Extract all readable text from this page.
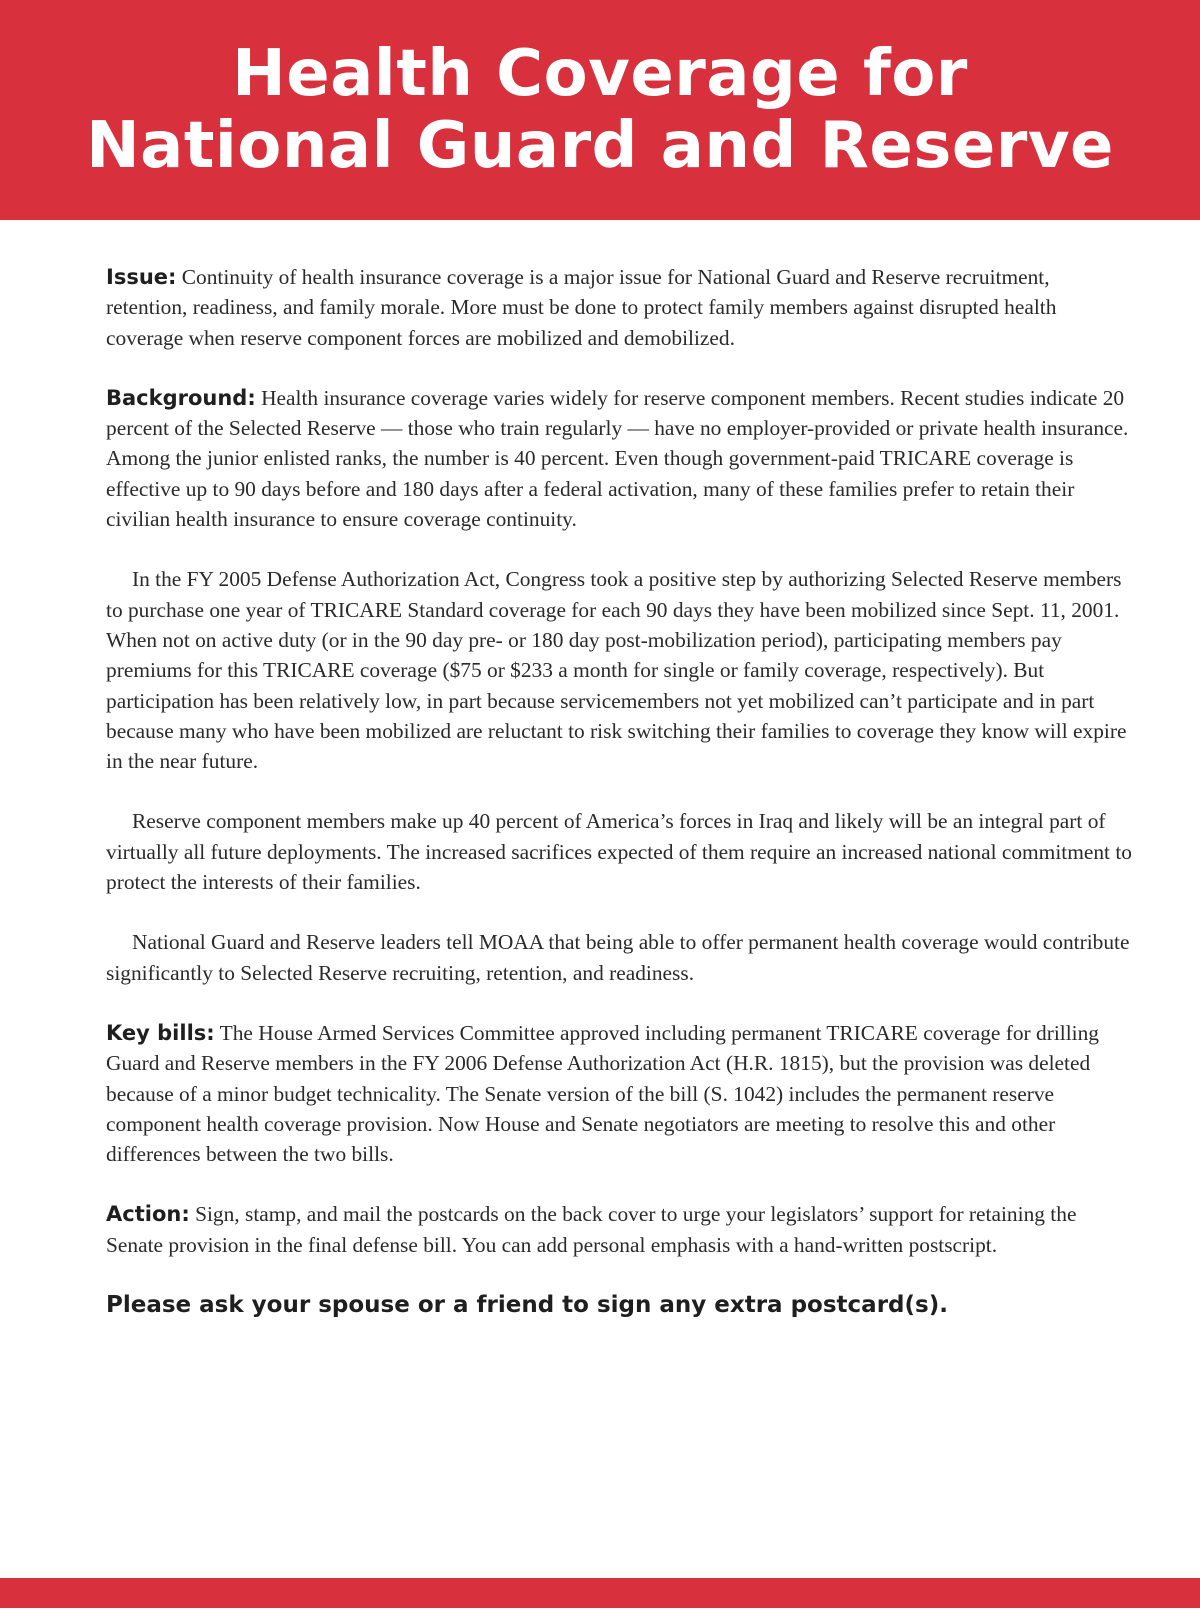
Health Coverage for
National Guard and Reserve

Issue: Continuity of health insurance coverage is a major issue for National Guard and Reserve recruitment, retention, readiness, and family morale. More must be done to protect family members against disrupted health coverage when reserve component forces are mobilized and demobilized.

Background: Health insurance coverage varies widely for reserve component members. Recent studies indicate 20 percent of the Selected Reserve — those who train regularly — have no employer-provided or private health insurance. Among the junior enlisted ranks, the number is 40 percent. Even though government-paid TRICARE coverage is effective up to 90 days before and 180 days after a federal activation, many of these families prefer to retain their civilian health insurance to ensure coverage continuity.

In the FY 2005 Defense Authorization Act, Congress took a positive step by authorizing Selected Reserve members to purchase one year of TRICARE Standard coverage for each 90 days they have been mobilized since Sept. 11, 2001. When not on active duty (or in the 90 day pre- or 180 day post-mobilization period), participating members pay premiums for this TRICARE coverage ($75 or $233 a month for single or family coverage, respectively). But participation has been relatively low, in part because servicemembers not yet mobilized can’t participate and in part because many who have been mobilized are reluctant to risk switching their families to coverage they know will expire in the near future.

Reserve component members make up 40 percent of America’s forces in Iraq and likely will be an integral part of virtually all future deployments. The increased sacrifices expected of them require an increased national commitment to protect the interests of their families.

National Guard and Reserve leaders tell MOAA that being able to offer permanent health coverage would contribute significantly to Selected Reserve recruiting, retention, and readiness.

Key bills: The House Armed Services Committee approved including permanent TRICARE coverage for drilling Guard and Reserve members in the FY 2006 Defense Authorization Act (H.R. 1815), but the provision was deleted because of a minor budget technicality. The Senate version of the bill (S. 1042) includes the permanent reserve component health coverage provision. Now House and Senate negotiators are meeting to resolve this and other differences between the two bills.

Action: Sign, stamp, and mail the postcards on the back cover to urge your legislators’ support for retaining the Senate provision in the final defense bill. You can add personal emphasis with a hand-written postscript.

Please ask your spouse or a friend to sign any extra postcard(s).
